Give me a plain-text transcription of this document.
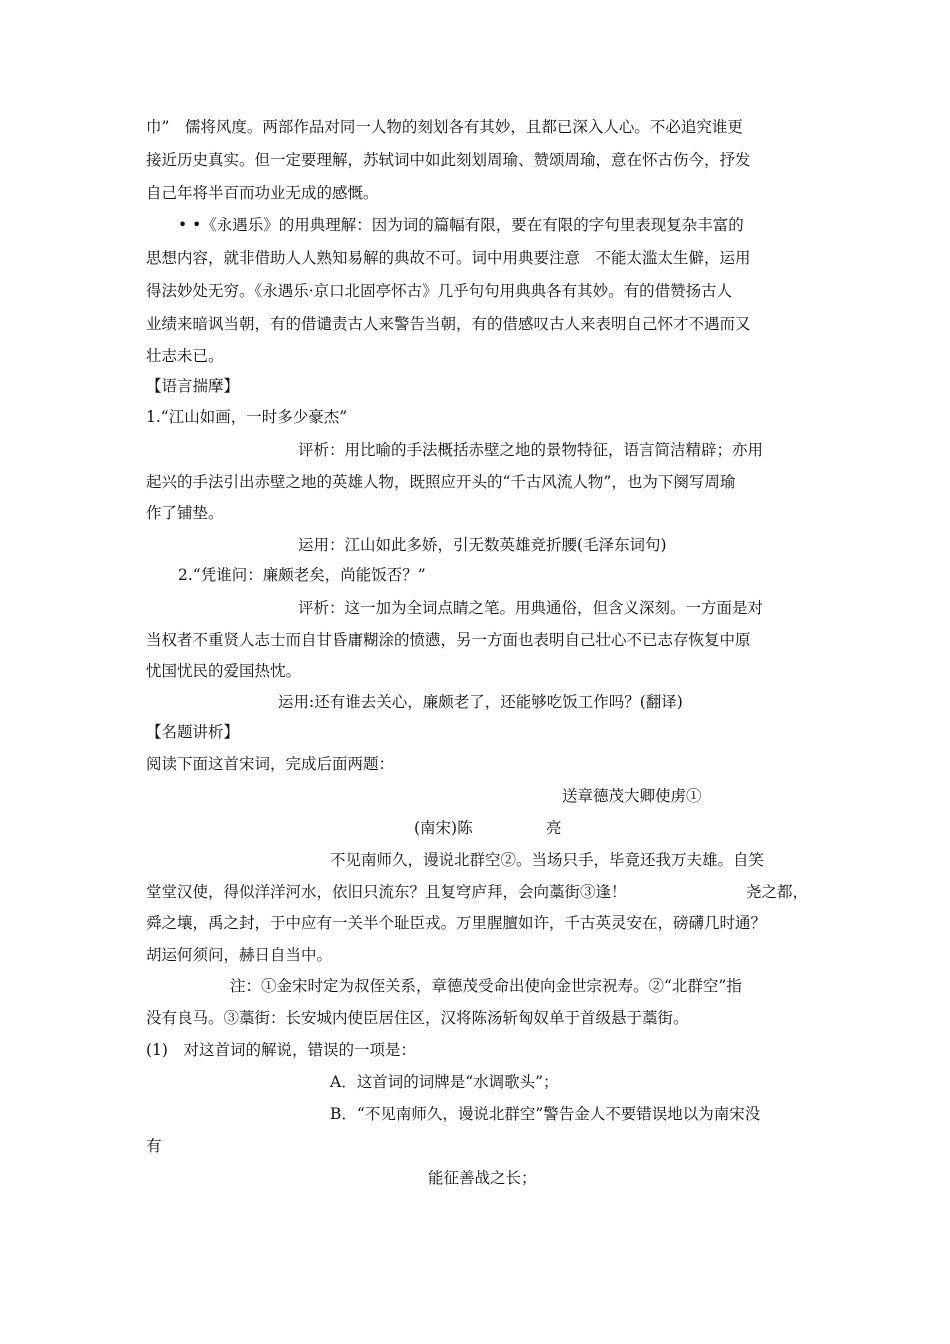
巾”　儒将风度。两部作品对同一人物的刻划各有其妙，且都已深入人心。不必追究谁更
接近历史真实。但一定要理解，苏轼词中如此刻划周瑜、赞颂周瑜，意在怀古伤今，抒发
自己年将半百而功业无成的感慨。
• •《永遇乐》的用典理解：因为词的篇幅有限，要在有限的字句里表现复杂丰富的
思想内容，就非借助人人熟知易解的典故不可。词中用典要注意　不能太滥太生僻，运用
得法妙处无穷。《永遇乐·京口北固亭怀古》几乎句句用典典各有其妙。有的借赞扬古人
业绩来暗讽当朝，有的借谴责古人来警告当朝，有的借感叹古人来表明自己怀才不遇而又
壮志未已。
【语言揣摩】
1.“江山如画，一时多少豪杰”
评析：用比喻的手法概括赤壁之地的景物特征，语言简洁精辟；亦用
起兴的手法引出赤壁之地的英雄人物，既照应开头的“千古风流人物”，也为下阕写周瑜
作了铺垫。
运用：江山如此多娇，引无数英雄竞折腰(毛泽东词句)
2.“凭谁问：廉颇老矣，尚能饭否？”
评析：这一加为全词点睛之笔。用典通俗，但含义深刻。一方面是对
当权者不重贤人志士而自甘昏庸糊涂的愤懑，另一方面也表明自己壮心不已志存恢复中原
忧国忧民的爱国热忱。
运用:还有谁去关心，廉颇老了，还能够吃饭工作吗？(翻译)
【名题讲析】
阅读下面这首宋词，完成后面两题：
送章德茂大卿使虏①
(南宋)陈	亮
不见南师久，谩说北群空②。当场只手，毕竟还我万夫雄。自笑
堂堂汉使，得似洋洋河水，依旧只流东？且复穹庐拜，会向藁街③逢！	尧之都，
舜之壤，禹之封，于中应有一关半个耻臣戎。万里腥膻如许，千古英灵安在，磅礴几时通？
胡运何须问，赫日自当中。
注：①金宋时定为叔侄关系，章德茂受命出使向金世宗祝寿。②“北群空”指
没有良马。③藁街：长安城内使臣居住区，汉将陈汤斩匈奴单于首级悬于藁街。
(1)　对这首词的解说，错误的一项是：
A．这首词的词牌是“水调歌头”；
B．“不见南师久，谩说北群空”警告金人不要错误地以为南宋没
有
能征善战之长；
